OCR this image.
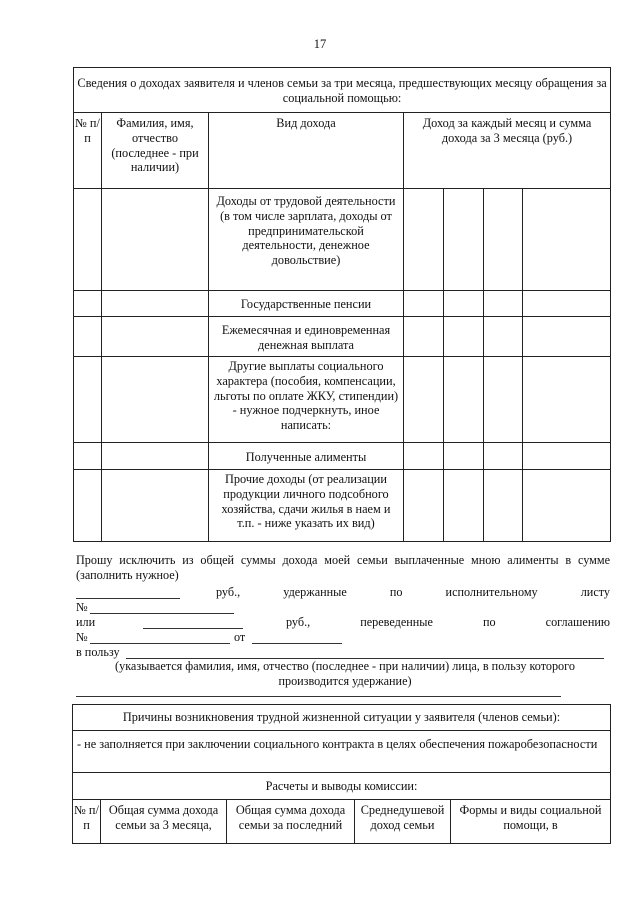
17
Сведения о доходах заявителя и членов семьи за три месяца, предшествующих месяцу обращения за социальной помощью:						
№ п/п	Фамилия, имя, отчество (последнее - при наличии)	Вид дохода	Доход за каждый месяц и сумма дохода за 3 месяца (руб.)			
		Доходы от трудовой деятельности (в том числе зарплата, доходы от предпринимательской деятельности, денежное довольствие)				
		Государственные пенсии				
		Ежемесячная и единовременная денежная выплата				
		Другие выплаты социального характера (пособия, компенсации, льготы по оплате ЖКУ, стипендии) - нужное подчеркнуть, иное написать:				
		Полученные алименты				
		Прочие доходы (от реализации продукции личного подсобного хозяйства, сдачи жилья в наем и т.п. - ниже указать их вид)				
Прошу исключить из общей суммы дохода моей семьи выплаченные мною алименты в сумме (заполнить нужное)
руб.,	удержанные	по	исполнительному	листу
№
или	руб.,	переведенные	по	соглашению
№	от
в пользу
(указывается фамилия, имя, отчество (последнее - при наличии) лица, в пользу которого производится удержание)
Причины возникновения трудной жизненной ситуации у заявителя (членов семьи):
- не заполняется при заключении социального контракта в целях обеспечения пожаробезопасности
Расчеты и выводы комиссии:
№ п/п	Общая сумма дохода семьи за 3 месяца,	Общая сумма дохода семьи за последний	Среднедушевой доход семьи	Формы и виды социальной помощи, в
